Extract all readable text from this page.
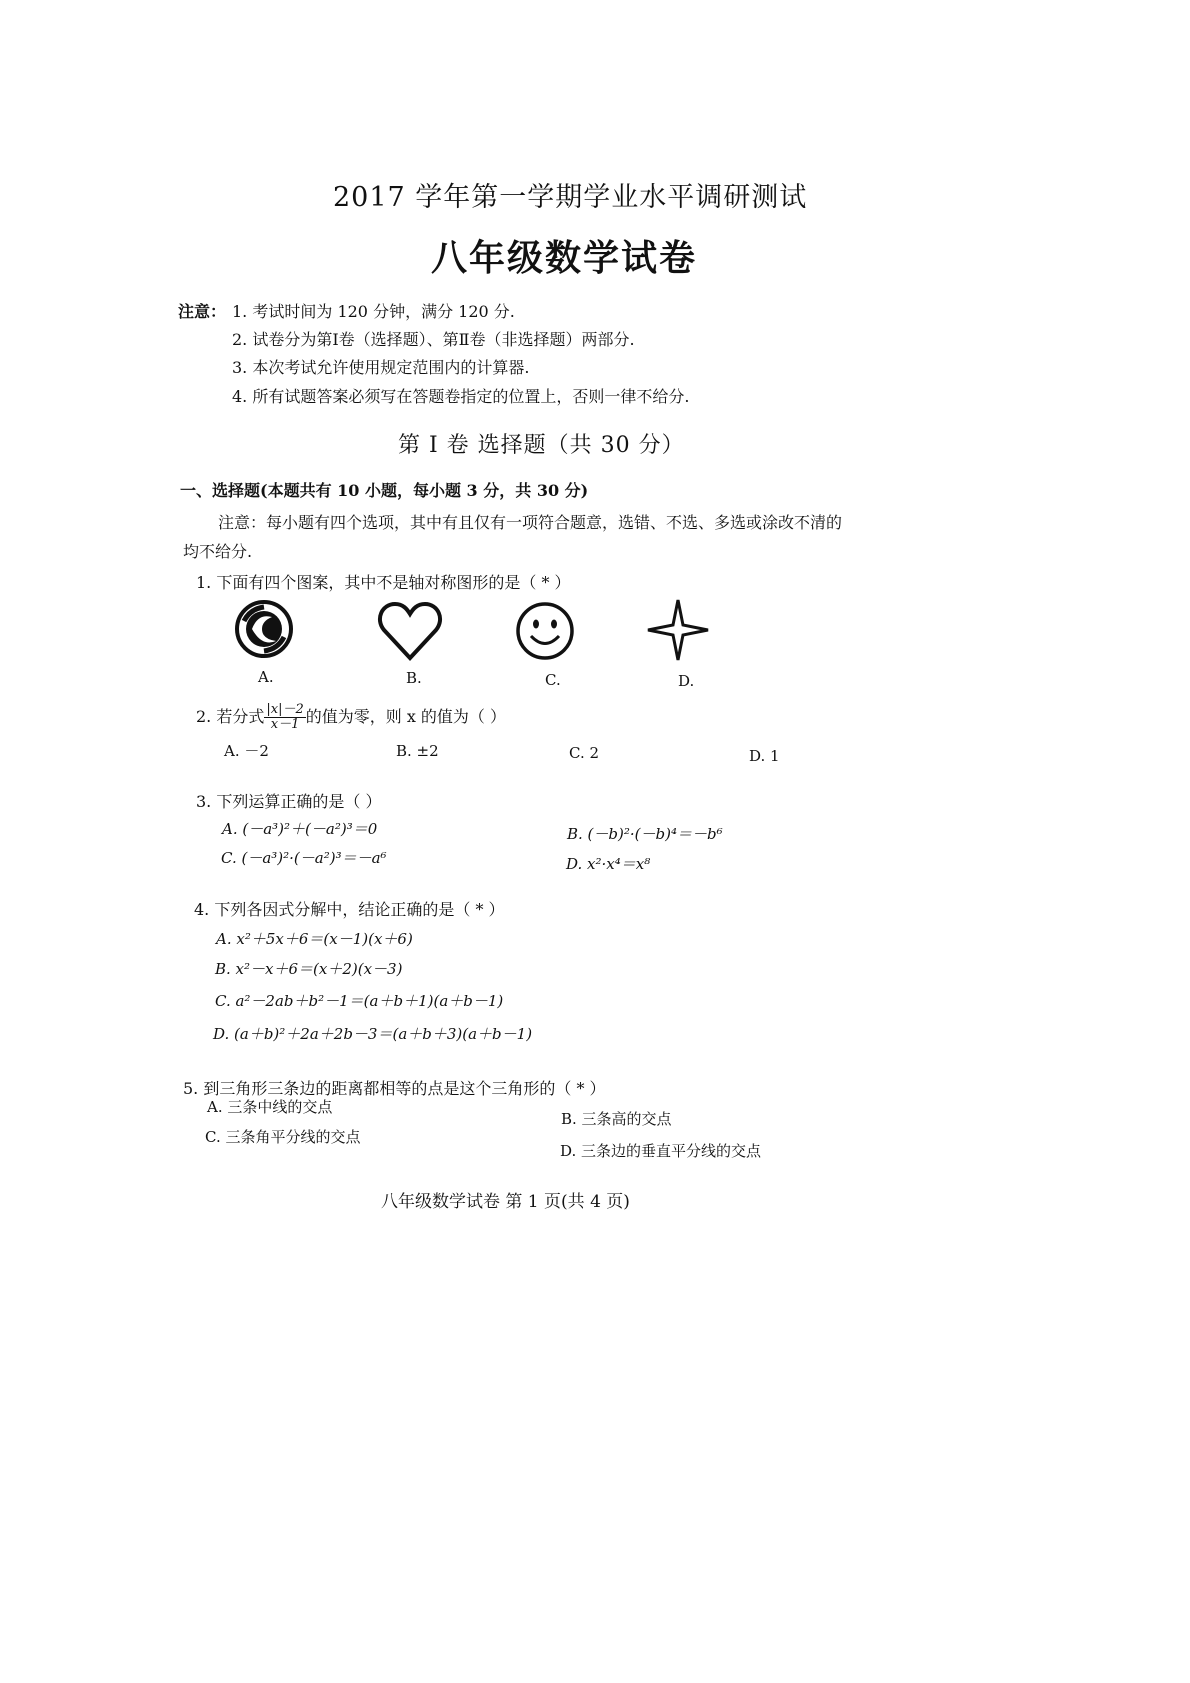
2017 学年第一学期学业水平调研测试
八年级数学试卷
注意： 1. 考试时间为 120 分钟，满分 120 分.
2. 试卷分为第Ⅰ卷（选择题）、第Ⅱ卷（非选择题）两部分.
3. 本次考试允许使用规定范围内的计算器.
4. 所有试题答案必须写在答题卷指定的位置上，否则一律不给分.
第 Ⅰ 卷 选择题（共 30 分）
一、选择题(本题共有 10 小题，每小题 3 分，共 30 分)
注意：每小题有四个选项，其中有且仅有一项符合题意，选错、不选、多选或涂改不清的
均不给分.
1. 下面有四个图案，其中不是轴对称图形的是（ * ）
A.	B.	C.	D.
2. 若分式 $\frac{|x|-2}{x-1}$ 的值为零，则 x 的值为（ ）
A. －2	B. ±2	C. 2	D. 1
3. 下列运算正确的是（ ）
A. (－a³)²＋(－a²)³＝0	B. (－b)²·(－b)⁴＝－b⁶
C. (－a³)²·(－a²)³＝－a⁶	D. x²·x⁴＝x⁸
4. 下列各因式分解中，结论正确的是（ * ）
A. x²＋5x＋6＝(x－1)(x＋6)
B. x²－x＋6＝(x＋2)(x－3)
C. a²－2ab＋b²－1＝(a＋b＋1)(a＋b－1)
D. (a＋b)²＋2a＋2b－3＝(a＋b＋3)(a＋b－1)
5. 到三角形三条边的距离都相等的点是这个三角形的（ * ）
A. 三条中线的交点
B. 三条高的交点
C. 三条角平分线的交点
D. 三条边的垂直平分线的交点
八年级数学试卷 第 1 页(共 4 页)
